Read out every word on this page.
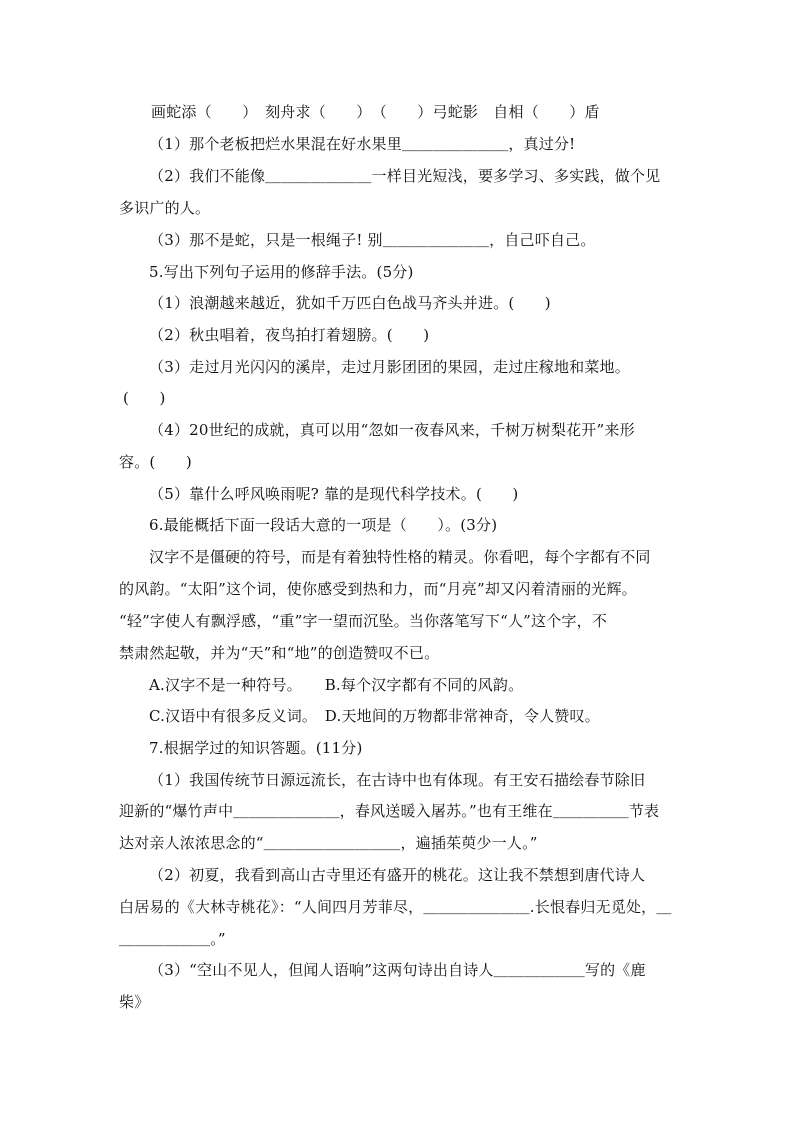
画蛇添（　　）　刻舟求（　　）　（　　）弓蛇影　自相（　　）盾
（1）那个老板把烂水果混在好水果里＿＿＿＿＿＿＿，真过分!
（2）我们不能像＿＿＿＿＿＿＿一样目光短浅，要多学习、多实践，做个见
多识广的人。
（3）那不是蛇，只是一根绳子! 别＿＿＿＿＿＿＿，自己吓自己。
5.写出下列句子运用的修辞手法。(5分)
（1）浪潮越来越近，犹如千万匹白色战马齐头并进。(　　)
（2）秋虫唱着，夜鸟拍打着翅膀。(　　)
（3）走过月光闪闪的溪岸，走过月影团团的果园，走过庄稼地和菜地。
(　　)
（4）20世纪的成就，真可以用“忽如一夜春风来，千树万树梨花开”来形
容。(　　)
（5）靠什么呼风唤雨呢? 靠的是现代科学技术。(　　)
6.最能概括下面一段话大意的一项是（　　）。(3分)
汉字不是僵硬的符号，而是有着独特性格的精灵。你看吧，每个字都有不同
的风韵。“太阳”这个词，使你感受到热和力，而“月亮”却又闪着清丽的光辉。
“轻”字使人有飘浮感，“重”字一望而沉坠。当你落笔写下“人”这个字，不
禁肃然起敬，并为“天”和“地”的创造赞叹不已。
A.汉字不是一种符号。　　B.每个汉字都有不同的风韵。
C.汉语中有很多反义词。　D.天地间的万物都非常神奇，令人赞叹。
7.根据学过的知识答题。(11分)
（1）我国传统节日源远流长，在古诗中也有体现。有王安石描绘春节除旧
迎新的“爆竹声中＿＿＿＿＿＿＿，春风送暖入屠苏。”也有王维在＿＿＿＿＿节表
达对亲人浓浓思念的“＿＿＿＿＿＿＿＿＿，遍插茱萸少一人。”
（2）初夏，我看到高山古寺里还有盛开的桃花。这让我不禁想到唐代诗人
白居易的《大林寺桃花》：“人间四月芳菲尽，＿＿＿＿＿＿＿.长恨春归无觅处，＿
＿＿＿＿＿＿。”
（3）“空山不见人，但闻人语响”这两句诗出自诗人＿＿＿＿＿＿写的《鹿
柴》
